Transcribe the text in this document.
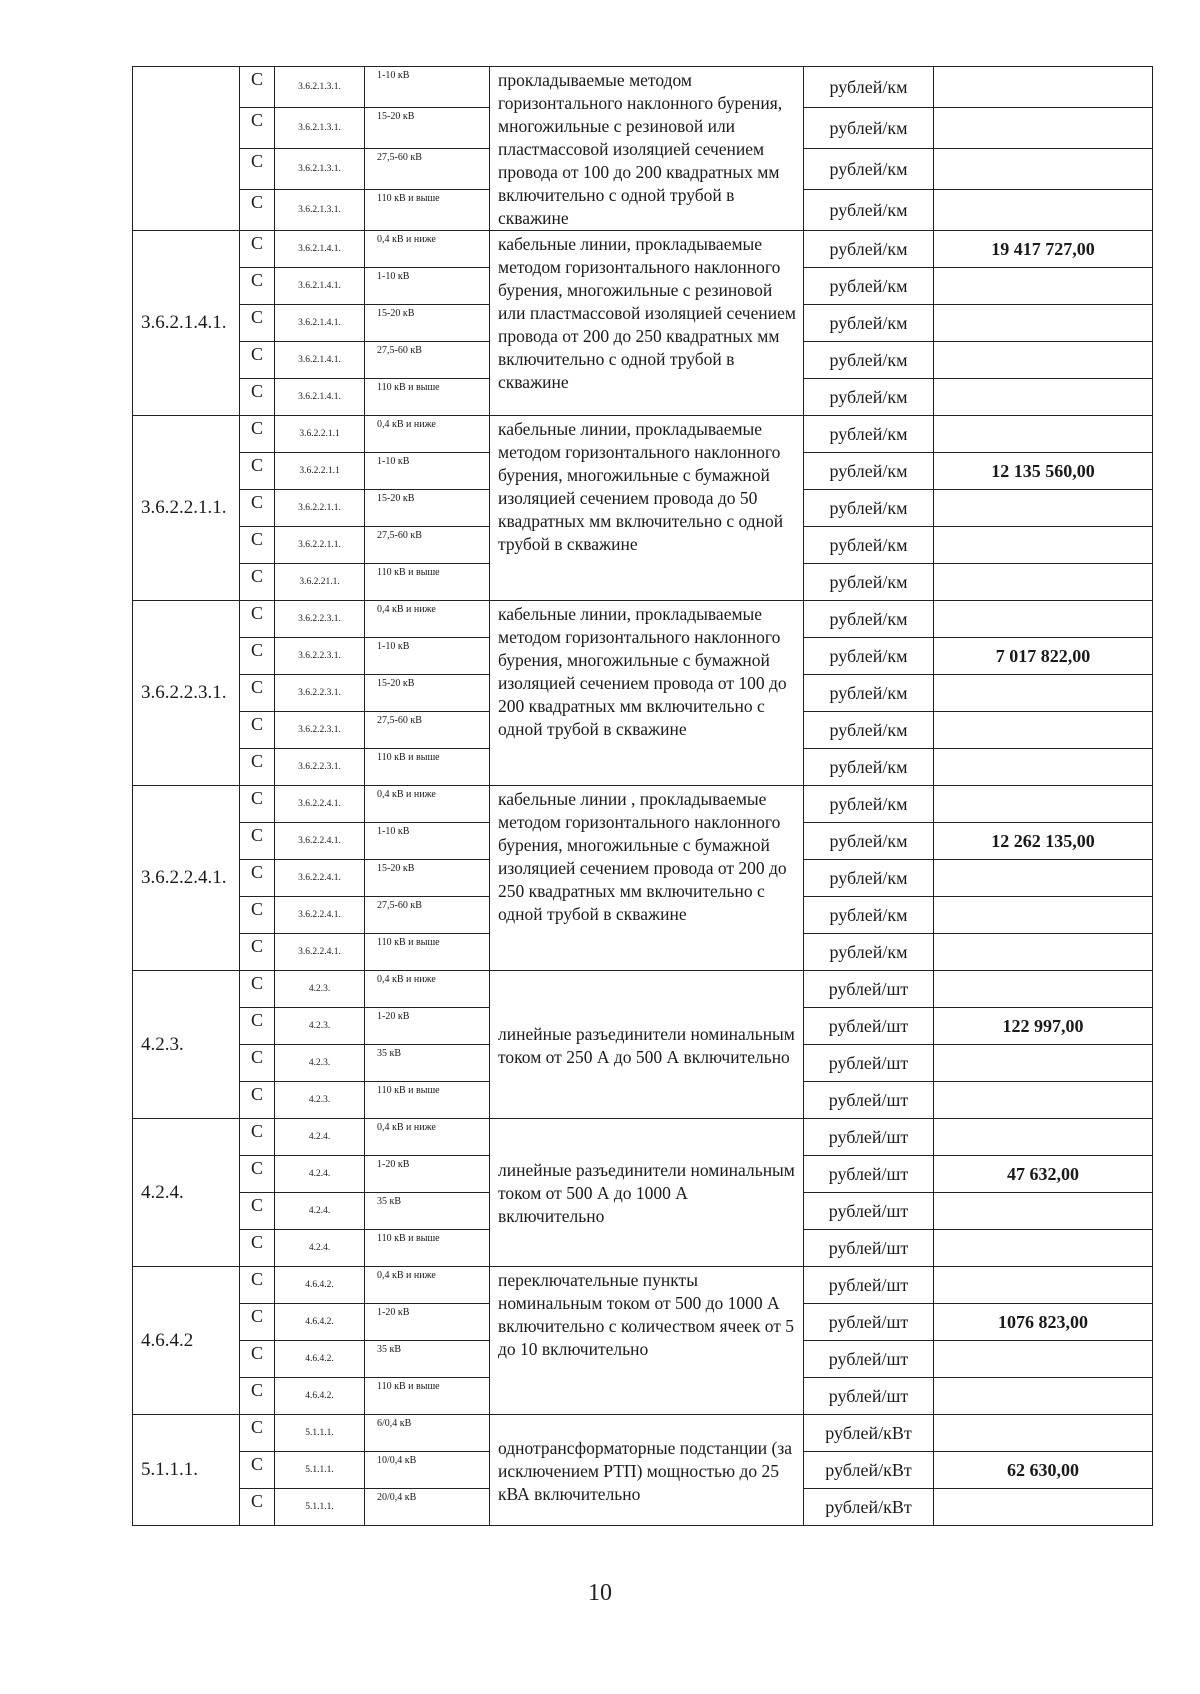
	С	3.6.2.1.3.1.	1-10 кВ	прокладываемые методом горизонтального наклонного бурения, многожильные с резиновой или пластмассовой изоляцией сечением провода от 100 до 200 квадратных мм включительно с одной трубой в скважине	рублей/км	
	С	3.6.2.1.3.1.	15-20 кВ		рублей/км	
	С	3.6.2.1.3.1.	27,5-60 кВ		рублей/км	
	С	3.6.2.1.3.1.	110 кВ и выше		рублей/км	
3.6.2.1.4.1.	С	3.6.2.1.4.1.	0,4 кВ и ниже	кабельные линии, прокладываемые методом горизонтального наклонного бурения, многожильные с резиновой или пластмассовой изоляцией сечением провода от 200 до 250 квадратных мм включительно с одной трубой в скважине	рублей/км	19 417 727,00
	С	3.6.2.1.4.1.	1-10 кВ		рублей/км	
	С	3.6.2.1.4.1.	15-20 кВ		рублей/км	
	С	3.6.2.1.4.1.	27,5-60 кВ		рублей/км	
	С	3.6.2.1.4.1.	110 кВ и выше		рублей/км	
3.6.2.2.1.1.	С	3.6.2.2.1.1	0,4 кВ и ниже	кабельные линии, прокладываемые методом горизонтального наклонного бурения, многожильные с бумажной изоляцией сечением провода до 50 квадратных мм включительно с одной трубой в скважине	рублей/км	
	С	3.6.2.2.1.1	1-10 кВ		рублей/км	12 135 560,00
	С	3.6.2.2.1.1.	15-20 кВ		рублей/км	
	С	3.6.2.2.1.1.	27,5-60 кВ		рублей/км	
	С	3.6.2.21.1.	110 кВ и выше		рублей/км	
3.6.2.2.3.1.	С	3.6.2.2.3.1.	0,4 кВ и ниже	кабельные линии, прокладываемые методом горизонтального наклонного бурения, многожильные с бумажной изоляцией сечением провода от 100 до 200 квадратных мм включительно с одной трубой в скважине	рублей/км	
	С	3.6.2.2.3.1.	1-10 кВ		рублей/км	7 017 822,00
	С	3.6.2.2.3.1.	15-20 кВ		рублей/км	
	С	3.6.2.2.3.1.	27,5-60 кВ		рублей/км	
	С	3.6.2.2.3.1.	110 кВ и выше		рублей/км	
3.6.2.2.4.1.	С	3.6.2.2.4.1.	0,4 кВ и ниже	кабельные линии , прокладываемые методом горизонтального наклонного бурения, многожильные с бумажной изоляцией сечением провода от 200 до 250 квадратных мм включительно с одной трубой в скважине	рублей/км	
	С	3.6.2.2.4.1.	1-10 кВ		рублей/км	12 262 135,00
	С	3.6.2.2.4.1.	15-20 кВ		рублей/км	
	С	3.6.2.2.4.1.	27,5-60 кВ		рублей/км	
	С	3.6.2.2.4.1.	110 кВ и выше		рублей/км	
4.2.3.	С	4.2.3.	0,4 кВ и ниже	линейные разъединители номинальным током от 250 А до 500 А включительно	рублей/шт	
	С	4.2.3.	1-20 кВ		рублей/шт	122 997,00
	С	4.2.3.	35 кВ		рублей/шт	
	С	4.2.3.	110 кВ и выше		рублей/шт	
4.2.4.	С	4.2.4.	0,4 кВ и ниже	линейные разъединители номинальным током от 500 А до 1000 А включительно	рублей/шт	
	С	4.2.4.	1-20 кВ		рублей/шт	47 632,00
	С	4.2.4.	35 кВ		рублей/шт	
	С	4.2.4.	110 кВ и выше		рублей/шт	
4.6.4.2	С	4.6.4.2.	0,4 кВ и ниже	переключательные пункты номинальным током от 500 до 1000 А включительно с количеством ячеек от 5 до 10 включительно	рублей/шт	
	С	4.6.4.2.	1-20 кВ		рублей/шт	1076 823,00
	С	4.6.4.2.	35 кВ		рублей/шт	
	С	4.6.4.2.	110 кВ и выше		рублей/шт	
5.1.1.1.	С	5.1.1.1.	6/0,4 кВ	однотрансформаторные подстанции (за исключением РТП) мощностью до 25 кВА включительно	рублей/кВт	
	С	5.1.1.1.	10/0,4 кВ		рублей/кВт	62 630,00
	С	5.1.1.1.	20/0,4 кВ		рублей/кВт	
10
